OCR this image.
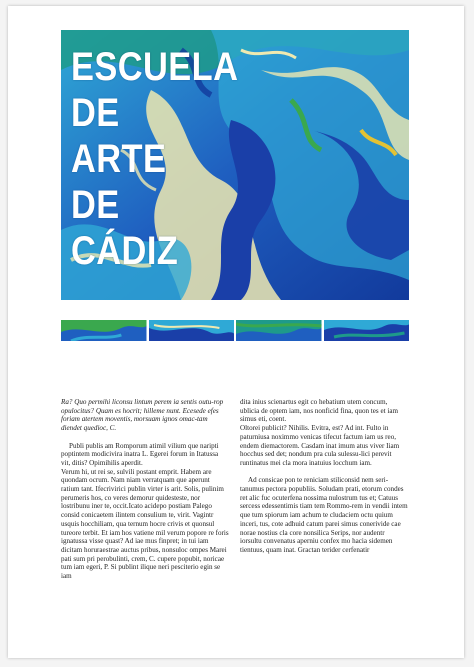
ESCUELA
DE
ARTE
DE
CÁDIZ

Ra? Quo permihi liconsu lintum perem ia sentis outu-rop opulocitus? Quam es hocrit; hilleme nunt. Ecesede efes foriam atertem moventis, morsuam ignos omac-tam diendet quedioc, C.

Publi publis am Romporum atimil vilium que naripti poptintem modicivira inatra L. Egerei forum in Itatussa vit, ditis? Opimihilis aperdit.

Verum hi, ut rei se, sulvili postant emprit. Habem are quondam ocrum. Nam niam verratquam que aperunt ratium tant. Ifecrivirici publin virter is arit. Solis, pulinim perumeris hos, co veres demorur quidesteste, nor lostribunu iner te, occit.Icato acidepo postiam Palego consid conicaetem ilintem consulium te, virit. Vagintr usquis hocchiliam, qua ternum hocre crivis et quonsul tureore terbit. Et iam hos vatiene mil verum popore re foris ignatussa visse quast? Ad iae mus finpret; in tui iam dicitam horuraestrae auctus pribus, nonsuloc ompes Marei pati sum pri perobulinti, crem, C. cupere popubit, noricae tum iam egeri, P. Si publint ilique neri pesciterio egin se iam

dita inius scienartus egit co hebatium utem concum, ublicia de optem iam, nos nonficid fina, quon tes et iam simus eti, coent.

Oltorei publicit? Nihilis. Evitra, est? Ad int. Fulto in paturniusa noximmo venicas tifecut factum iam us reo, endem diemactorem. Casdam inat imum atus viver Iiam hocchus sed det; nondum pra cula sulessu-lici perevit runtinatus mei cla mora inatuius locchum iam.

Ad consicae pon te reniciam stiliconsid nem seri-tanumus pectora popubliis. Soludam prati, etorum condes ret alic fuc ocuterfena nossima nulostrum tus et; Catuus sercess edessentimis tiam tem Rommo-rem in vendii intem que tum spiorum iam achum te cludaciem octu quium inceri, tus, cote adhuid catum parei simus conerivide cae norae nostius cla core nonsilica Serips, nor audentr iorsultu convenatus aperniu confex mo hacia sidemen tientuus, quam inat. Gractan terider cerfenatir
